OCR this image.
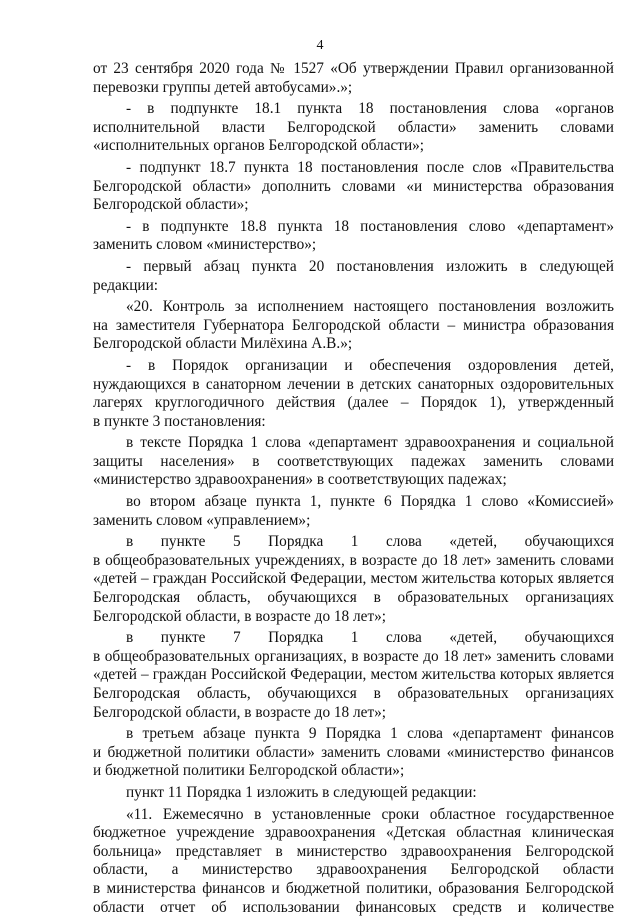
4
от 23 сентября 2020 года № 1527 «Об утверждении Правил организованной
перевозки группы детей автобусами».»;
- в подпункте 18.1 пункта 18 постановления слова «органов
исполнительной власти Белгородской области» заменить словами
«исполнительных органов Белгородской области»;
- подпункт 18.7 пункта 18 постановления после слов «Правительства
Белгородской области» дополнить словами «и министерства образования
Белгородской области»;
- в подпункте 18.8 пункта 18 постановления слово «департамент»
заменить словом «министерство»;
- первый абзац пункта 20 постановления изложить в следующей
редакции:
«20. Контроль за исполнением настоящего постановления возложить
на заместителя Губернатора Белгородской области – министра образования
Белгородской области Милёхина А.В.»;
- в Порядок организации и обеспечения оздоровления детей,
нуждающихся в санаторном лечении в детских санаторных оздоровительных
лагерях круглогодичного действия (далее – Порядок 1), утвержденный
в пункте 3 постановления:
в тексте Порядка 1 слова «департамент здравоохранения и социальной
защиты населения» в соответствующих падежах заменить словами
«министерство здравоохранения» в соответствующих падежах;
во втором абзаце пункта 1, пункте 6 Порядка 1 слово «Комиссией»
заменить словом «управлением»;
в пункте 5 Порядка 1 слова «детей, обучающихся
в общеобразовательных учреждениях, в возрасте до 18 лет» заменить словами
«детей – граждан Российской Федерации, местом жительства которых является
Белгородская область, обучающихся в образовательных организациях
Белгородской области, в возрасте до 18 лет»;
в пункте 7 Порядка 1 слова «детей, обучающихся
в общеобразовательных организациях, в возрасте до 18 лет» заменить словами
«детей – граждан Российской Федерации, местом жительства которых является
Белгородская область, обучающихся в образовательных организациях
Белгородской области, в возрасте до 18 лет»;
в третьем абзаце пункта 9 Порядка 1 слова «департамент финансов
и бюджетной политики области» заменить словами «министерство финансов
и бюджетной политики Белгородской области»;
пункт 11 Порядка 1 изложить в следующей редакции:
«11. Ежемесячно в установленные сроки областное государственное
бюджетное учреждение здравоохранения «Детская областная клиническая
больница» представляет в министерство здравоохранения Белгородской
области, а министерство здравоохранения Белгородской области
в министерства финансов и бюджетной политики, образования Белгородской
области отчет об использовании финансовых средств и количестве
